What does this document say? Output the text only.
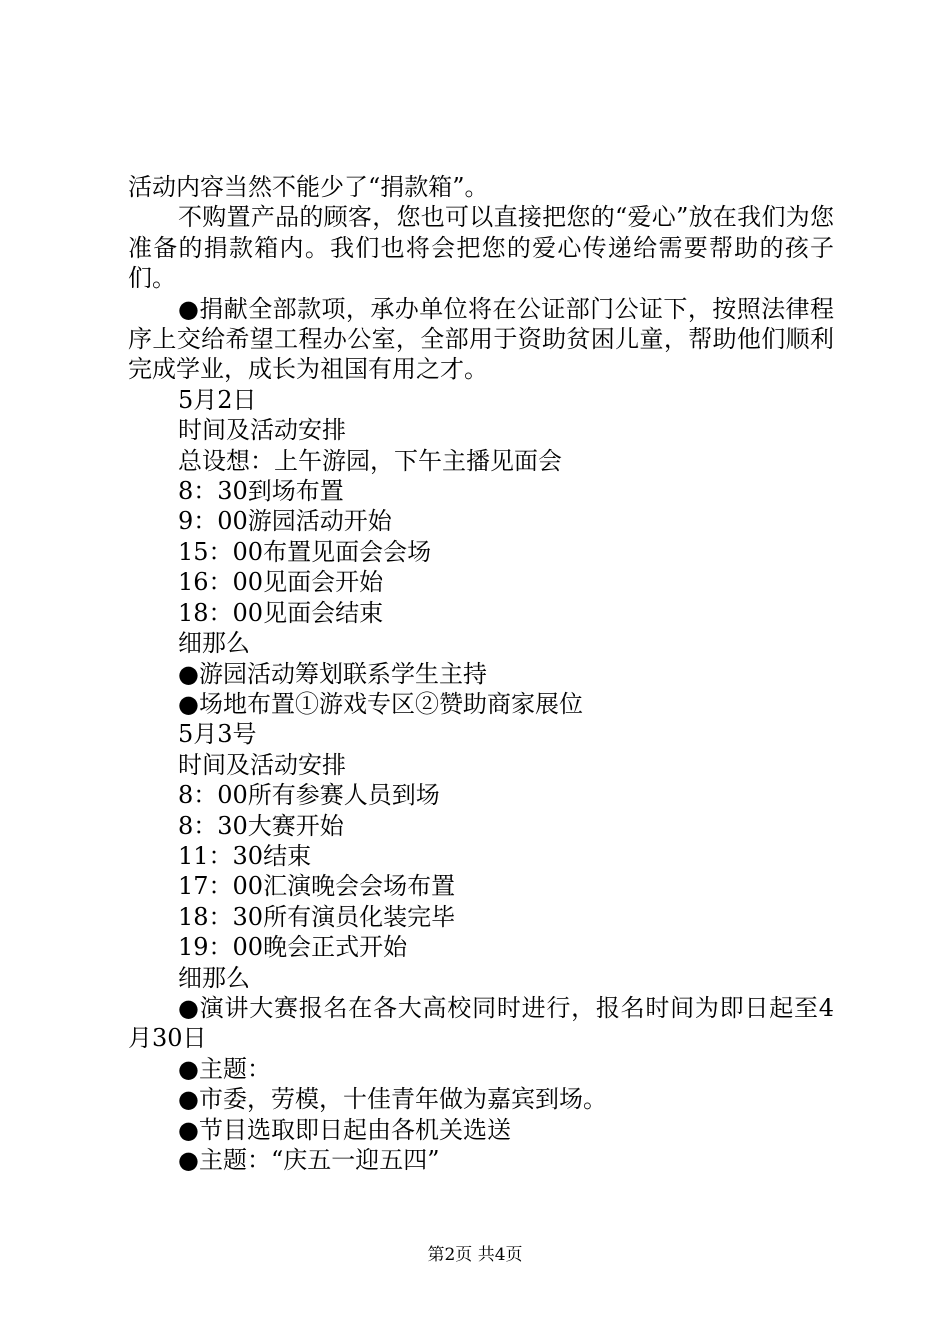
活动内容当然不能少了“捐款箱”。

不购置产品的顾客，您也可以直接把您的“爱心”放在我们为您准备的捐款箱内。我们也将会把您的爱心传递给需要帮助的孩子们。

●捐献全部款项，承办单位将在公证部门公证下，按照法律程序上交给希望工程办公室，全部用于资助贫困儿童，帮助他们顺利完成学业，成长为祖国有用之才。

5月2日

时间及活动安排

总设想：上午游园，下午主播见面会

8：30到场布置

9：00游园活动开始

15：00布置见面会会场

16：00见面会开始

18：00见面会结束

细那么

●游园活动筹划联系学生主持

●场地布置①游戏专区②赞助商家展位

5月3号

时间及活动安排

8：00所有参赛人员到场

8：30大赛开始

11：30结束

17：00汇演晚会会场布置

18：30所有演员化装完毕

19：00晚会正式开始

细那么

●演讲大赛报名在各大高校同时进行，报名时间为即日起至4月30日

●主题：

●市委，劳模，十佳青年做为嘉宾到场。

●节目选取即日起由各机关选送

●主题：“庆五一迎五四”

第2页 共4页
